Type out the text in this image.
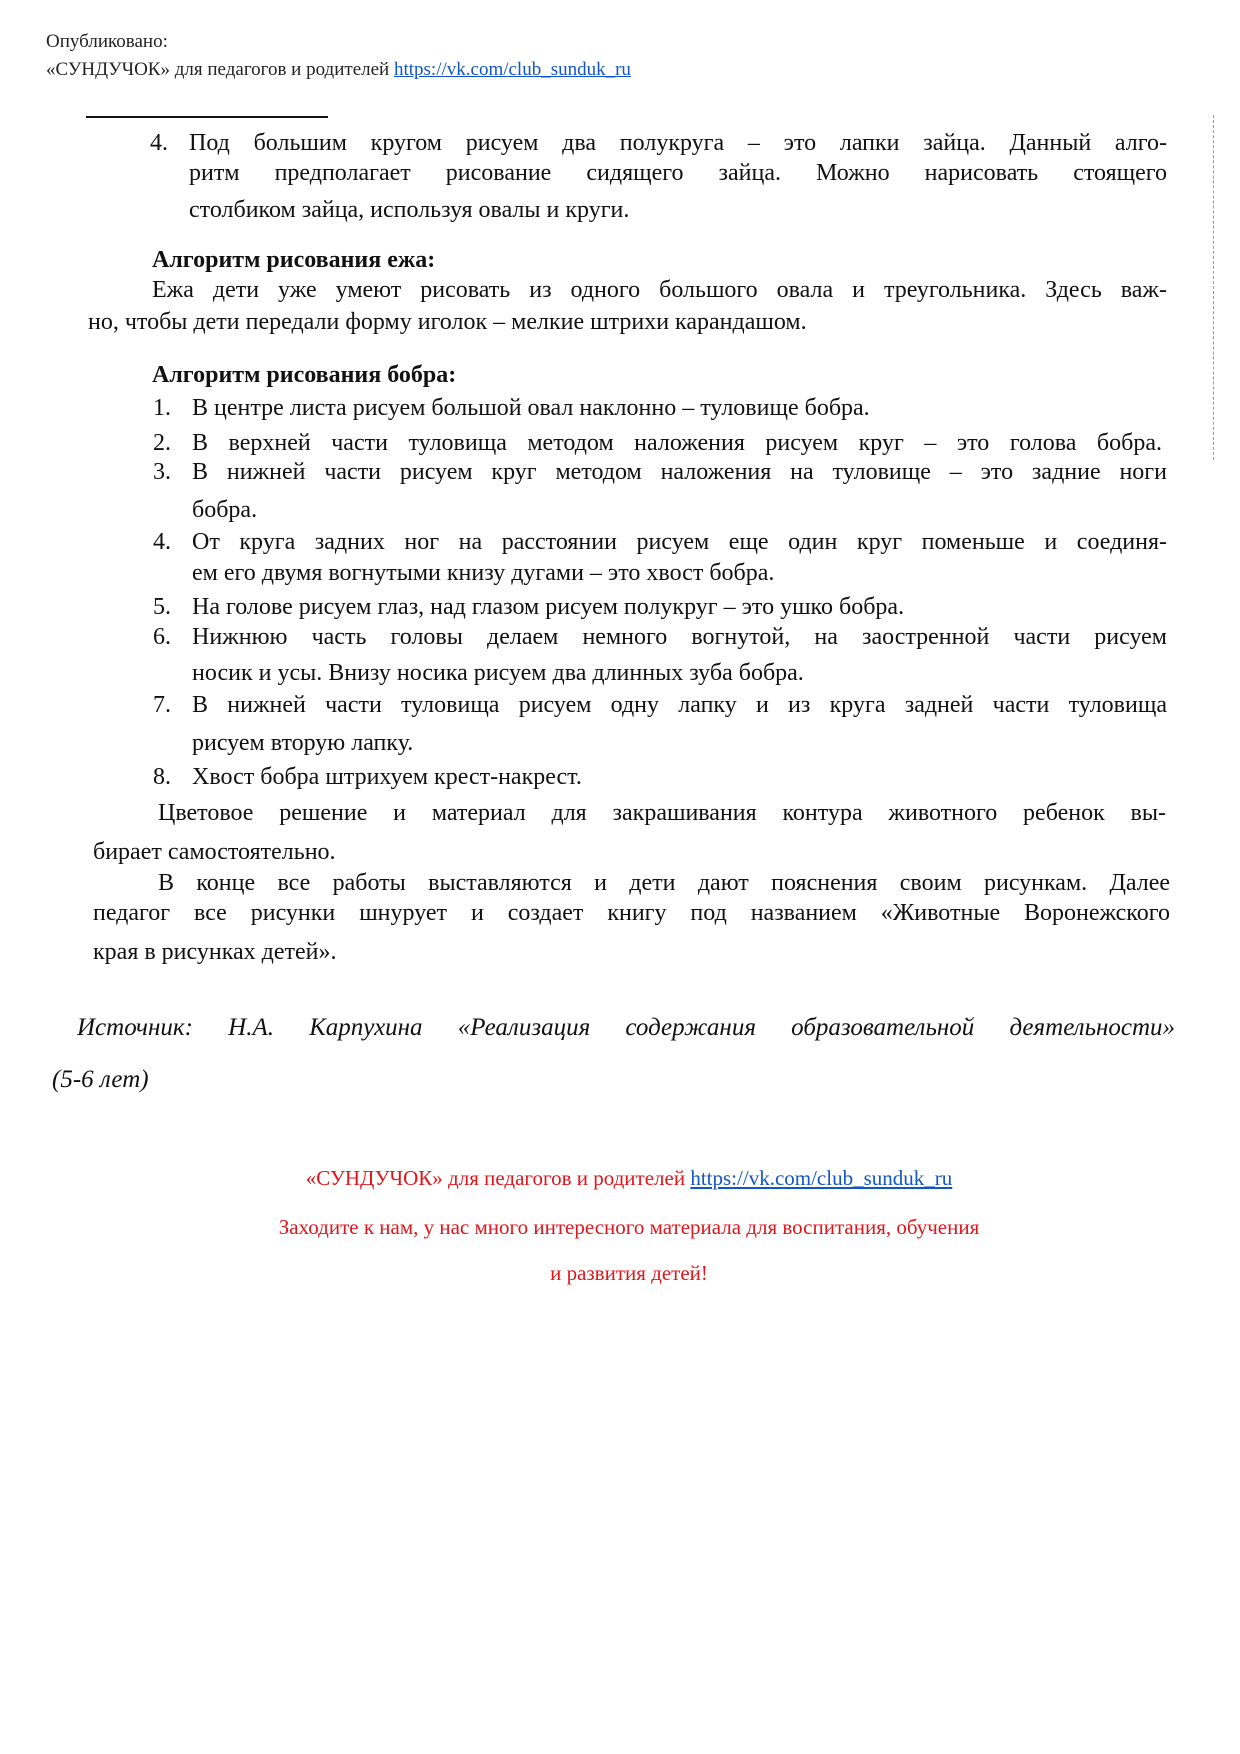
Опубликовано:
«СУНДУЧОК» для педагогов и родителей https://vk.com/club_sunduk_ru
4. Под большим кругом рисуем два полукруга – это лапки зайца. Данный алго-
ритм предполагает рисование сидящего зайца. Можно нарисовать стоящего
столбиком зайца, используя овалы и круги.
Алгоритм рисования ежа:
Ежа дети уже умеют рисовать из одного большого овала и треугольника. Здесь важ-
но, чтобы дети передали форму иголок – мелкие штрихи карандашом.
Алгоритм рисования бобра:
1. В центре листа рисуем большой овал наклонно – туловище бобра.
2. В верхней части туловища методом наложения рисуем круг – это голова бобра.
3. В нижней части рисуем круг методом наложения на туловище – это задние ноги
бобра.
4. От круга задних ног на расстоянии рисуем еще один круг поменьше и соединя-
ем его двумя вогнутыми книзу дугами – это хвост бобра.
5. На голове рисуем глаз, над глазом рисуем полукруг – это ушко бобра.
6. Нижнюю часть головы делаем немного вогнутой, на заостренной части рисуем
носик и усы. Внизу носика рисуем два длинных зуба бобра.
7. В нижней части туловища рисуем одну лапку и из круга задней части туловища
рисуем вторую лапку.
8. Хвост бобра штрихуем крест-накрест.
Цветовое решение и материал для закрашивания контура животного ребенок вы-
бирает самостоятельно.
В конце все работы выставляются и дети дают пояснения своим рисункам. Далее
педагог все рисунки шнурует и создает книгу под названием «Животные Воронежского
края в рисунках детей».
Источник: Н.А. Карпухина «Реализация содержания образовательной деятельности»
(5-6 лет)
«СУНДУЧОК» для педагогов и родителей https://vk.com/club_sunduk_ru
Заходите к нам, у нас много интересного материала для воспитания, обучения
и развития детей!
